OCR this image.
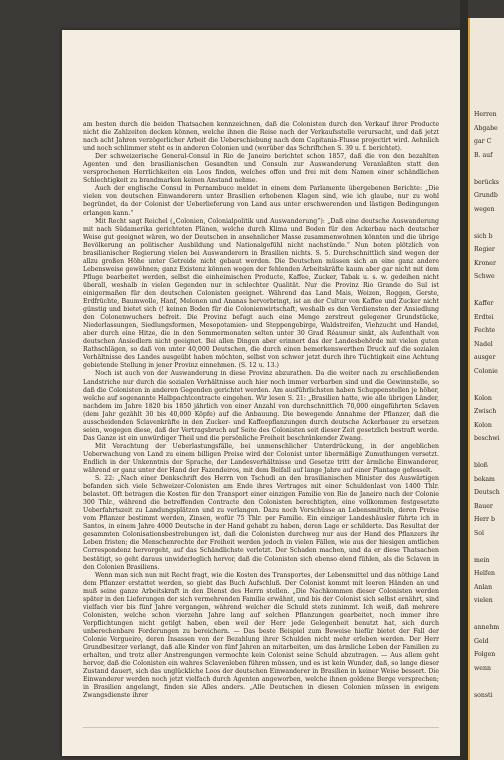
am besten durch die beiden Thatsachen kennzeichnen, daß die Colonisten durch den Verkauf ihrer Producte nicht die Zahlzeiten decken können, welche ihnen die Reise nach der Verkaufsstelle verursacht, und daß jetzt nach acht Jahren verzögerlicher Arbeit die Ueberschiebung nach dem Capitania-Flusse projectirt wird. Aehnlich und noch schlimmer steht es in anderen Colonien und (worüber das Schriftchen S. 39 u. f. berichtet).

Der schweizerische General-Consul in Rio de Janeiro berichtet schon 1857, daß die von den bezahlten Agenten und den brasilianischen Gesandten und Consuln zur Auswanderung Veranlaßten statt den versprochenen Herrlichkeiten ein Loos finden, welches offen und frei mit dem Namen einer schändlichen Schlechtigkeit zu brandmarken keinen Anstand nehme.

Auch der englische Consul in Pernambuco meldet in einem dem Parlamente übergebenen Berichte: „Die vielen von deutschen Einwanderern unter Brasilien erhobenen Klagen sind, wie ich glaube, nur zu wohl begründet, da der Colonist der Ueberlieferung von Land aus unter erschwerenden und lästigen Bedingungen erlangen kann.“

Mit Recht sagt Reichel („Colonien, Colonialpolitik und Auswanderung“): „Daß eine deutsche Auswanderung mit nach Südamerika gerichteten Plänen, welche durch Klima und Boden für den Ackerbau nach deutscher Weise gut geeignet wären, wo der Deutschen in ansehnlicher Masse zusammenwohnen könnten und die übrige Bevölkerung an politischer Ausbildung und Nationalgefühl nicht nachstünde.“ Nun boten plötzlich von brasilianischer Regierung vielen bei Auswanderern in Brasilien nichts. S. 5. Durchschnittlich sind wegen der allzu großen Höhe unter Getreide nicht gebaut werden. Die Deutschen müssen sich an eine ganz andere Lebensweise gewöhnen; ganz Existenz können wegen der fehlenden Arbeitskräfte kaum aber gar nicht mit dem Pfluge bearbeitet werden, selbst die einheimischen Producte, Kaffee, Zucker, Tabak u. s. w. gedeihen nicht überall, weshalb in vielen Gegenden nur in schlechter Qualität. Nur die Provinz Rio Grande do Sul ist einigermaßen für den deutschen Colonisten geeignet. Während das Land Mais, Weizen, Roggen, Gerste, Erdfrüchte, Baumwolle, Hanf, Melonen und Ananas hervorbringt, ist an der Cultur von Kaffee und Zucker nicht günstig und bietet sich (! keinen Boden für die Colonienwirtschaft, weshalb es den Verdiensten der Ansiedlung den Colonenwuchers befreit. Die Provinz befugt auch eine Menge zerstreut gelegener Grundstücke, Niederlassungen, Siedlungsformen, Mesopotamien- und Steppengebirge, Waldstreifen, Viehzucht und Handel, aber durch eine Hitze, die in den Sommermonaten selten unter 30 Grad Réaumur sinkt, als Aufenthalt von deutschen Ansiedlern nicht geeignet. Bei allen Dingen aber erinnert das der Landesbehörde mit vielen guten Rathschlägen, so daß von unter 40,000 Deutschen, die durch einen bemerkenswerthen Druck auf die sozialen Verhältnisse des Landes ausgeübt haben möchten, selbst von schwer jetzt durch ihre Tüchtigkeit eine Achtung gebietende Stellung in jener Provinz einnehmen. (S. 12 u. 13.)

Noch ist auch von der Auswanderung in diese Provinz abzurathen. Da die weiter nach zu erschließenden Landstriche nur durch die sozialen Verhältnisse auch hier noch immer verbarben sind und die Gewinnstelle, so daß die Colonisten in anderen Gegenden gerichtet werden. Am ausführlichsten haben Schuppenstellen je höher, welche auf sogenannte Halbpachtcontracte eingehen. Wir lesen S. 21: „Brasilien hatte, wie alle übrigen Länder, nachdem im Jahre 1820 bis 1850 jährlich von einer Anzahl von durchschnittlich 70,000 eingeführten Sclaven (dem Jahr gezählt 30 bis 40,000 Köpfe) auf die Anbauung. Die bewegende Annahme der Pflanzer, daß die ausscheidenden Sclavenkräfte in den Zucker- und Kaffeepflanzungen durch deutsche Ackerbauer zu ersetzen seien, wogegen diese, daß der Vertragsbruch auf Seite des Colonisten seit dieser Zeit gesetzlich bestraft werde. Das Ganze ist ein unwürdiger Theil und die persönliche Freiheit beschränkender Zwang.

Mit Verachtung der Ueberlastungsfälle, bei unmenschlicher Unterdrückung, in der angeblichen Ueberwachung von Land zu einem billigen Preise wird der Colonist unter übermäßige Zumuthungen versetzt. Endlich in der Unkenntnis der Sprache, der Landesverhältnisse und Gesetze tritt der ärmliche Einwanderer, während er ganz unter der Hand der Fazendeiros, mit dem Beifall auf lange Jahre auf einer Plantage gefesselt.

S. 22: „Nach einer Denkschrift des Herrn von Tschudi an den brasilianischen Minister des Auswärtigen befanden sich viele Schweizer-Colonisten am Ende ihres Vertrages mit einer Schuldenlast von 1400 Thlr. belastet. Oft betragen die Kosten für den Transport einer einzigen Familie von Rio de Janeiro nach der Colonie 300 Thlr., während die betreffenden Contracte den Colonisten berechtigten, eine vollkommen festgesetzte Ueberfahrtszeit zu Landungsplätzen und zu verlangen. Dazu noch Vorschüsse an Lebensmitteln, deren Preise vom Pflanzer bestimmt werden, Zinsen, wofür 75 Thlr. per Familie. Ein einziger Landeshäusler führte ich in Santos, in einem Jahre 4000 Deutsche in der Hand gehabt zu haben, deren Lage er schilderte. Das Resultat der gesammten Colonisationsbestrebungen ist, daß die Colonisten durchweg nur aus der Hand des Pflanzers ihr Leben fristen; die Menschenrechte der Freiheit werden jedoch in vielen Fällen, wie aus der hiesigen amtlichen Correspondenz hervorgeht, auf das Schändlichste verletzt. Der Schaden machen, und da er diese Thatsachen bestätigt, so geht daraus unwiderleglich hervor, daß die Colonisten sich ebenso elend fühlen, als die Sclaven in den Colonien Brasiliens.

Wenn man sich nun mit Recht fragt, wie die Kosten des Transportes, der Lebensmittel und das nöthige Land dem Pflanzer erstattet werden, so giebt das Buch Aufschluß. Der Colonist kommt mit leeren Händen an und muß seine ganze Arbeitskraft in den Dienst des Herrn stellen. „Die Nachkommen dieser Colonisten werden später in den Lieferungen der sich vermehrenden Familie erwähnt, und bis der Colonist sich selbst ernährt, sind vielfach vier bis fünf Jahre vergangen, während welcher die Schuld stets zunimmt. Ich weiß, daß mehrere Colonisten, welche schon vierzehn Jahre lang auf solchen Pflanzungen gearbeitet, noch immer ihre Verpflichtungen nicht getilgt haben, eben weil der Herr jede Gelegenheit benutzt hat, sich durch unberechenbare Forderungen zu bereichern. — Das beste Beispiel zum Beweise hiefür bietet der Fall der Colonie Vergueiro, deren Insassen von der Bezahlung ihrer Schulden nicht mehr erleben werden. Der Herr Grundbesitzer verlangt, daß alle Kinder von fünf Jahren an mitarbeiten, um das ärmliche Leben der Familien zu erhalten, und trotz aller Anstrengungen vermochte kein Colonist seine Schuld abzutragen. — Aus allem geht hervor, daß die Colonisten ein wahres Sclavenleben führen müssen, und es ist kein Wunder, daß, so lange dieser Zustand dauert, sich das unglückliche Loos der deutschen Einwanderer in Brasilien in keiner Weise bessert. Die Einwanderer werden noch jetzt vielfach durch Agenten angeworben, welche ihnen goldene Berge versprechen; in Brasilien angelangt, finden sie Alles anders. „Alle Deutschen in diesen Colonien müssen in ewigem Zwangsdienste ihrer

Herren
Abgabe
gar C
B. auf

berücks
Grundb
wegen

sich b
Regier
Kroner
Schwe

Kaffer
Erdtei
Fechte
Nadel
ausger
Colonie

Kolon
Zwisch
Kolon
beschwi

bloß
bekam
Deutsch
Bauer
Herr b
Sol

mein
Helfen
Anlan
vielen

annehm
Geld
Folgen
wenn

sonsti
